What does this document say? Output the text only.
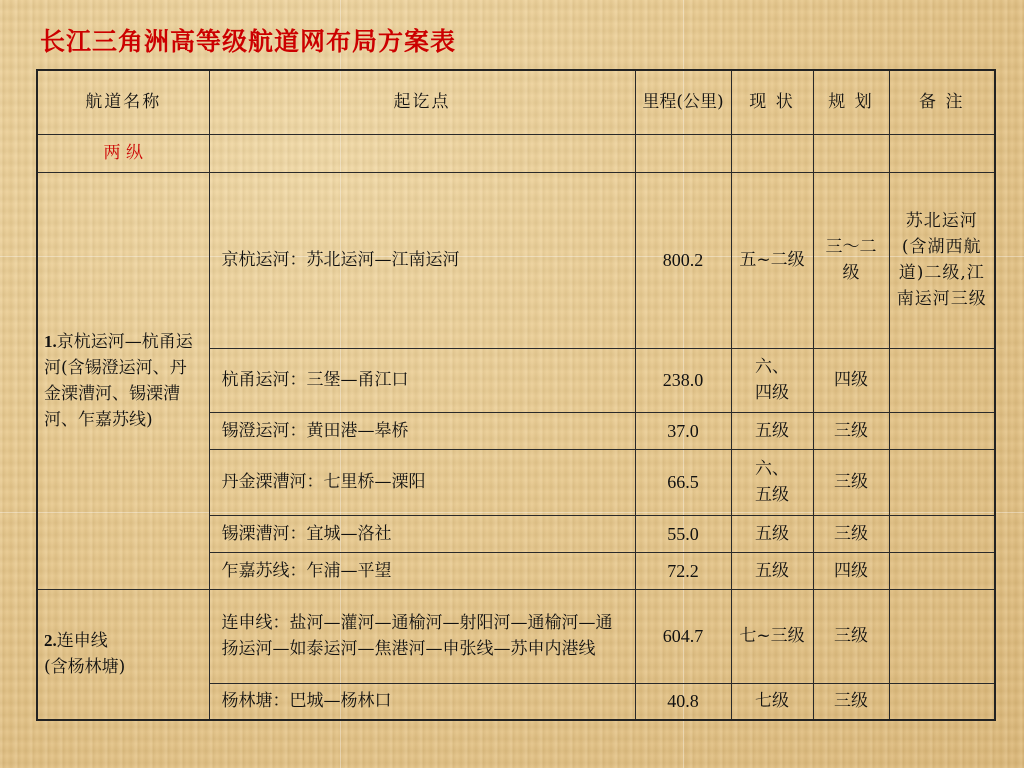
长江三角洲高等级航道网布局方案表
航道名称	起讫点	里程(公里)	现 状	规 划	备 注
两 纵					
1.京杭运河—杭甬运河(含锡澄运河、丹金溧漕河、锡溧漕河、乍嘉苏线)	京杭运河：苏北运河—江南运河	800.2	五~二级	三～二级	苏北运河(含湖西航道)二级,江南运河三级
	杭甬运河：三堡—甬江口	238.0	六、四级	四级	
	锡澄运河：黄田港—皋桥	37.0	五级	三级	
	丹金溧漕河：七里桥—溧阳	66.5	六、五级	三级	
	锡溧漕河：宜城—洛社	55.0	五级	三级	
	乍嘉苏线：乍浦—平望	72.2	五级	四级	
2.连申线
(含杨林塘)	连申线：盐河—灌河—通榆河—射阳河—通榆河—通扬运河—如泰运河—焦港河—申张线—苏申内港线	604.7	七~三级	三级	
	杨林塘：巴城—杨林口	40.8	七级	三级	
